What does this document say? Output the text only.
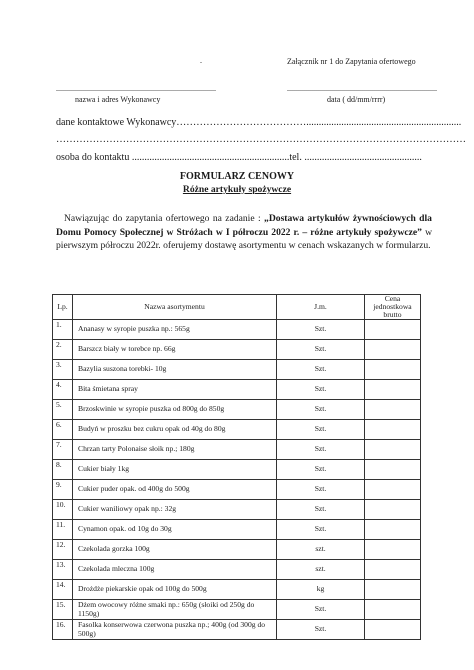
.	Załącznik nr 1 do Zapytania ofertowego
................................................................................
nazwa i adres Wykonawcy
...........................................................................
data ( dd/mm/rrrr)
dane kontaktowe Wykonawcy…………………………………..............................................................
……………………………………………………………………………………………………………
osoba do kontaktu ...............................................................tel. ...............................................
FORMULARZ CENOWY
Różne artykuły spożywcze
Nawiązując do zapytania ofertowego na zadanie : „Dostawa artykułów żywnościowych dla Domu Pomocy Społecznej w Stróżach w I półroczu 2022 r. – różne artykuły spożywcze” w pierwszym półroczu 2022r. oferujemy dostawę asortymentu w cenach wskazanych w formularzu.
Lp.	Nazwa asortymentu	J.m.	Cena jednostkowa brutto
1.	Ananasy w syropie puszka np.: 565g	Szt.	
2.	Barszcz biały w torebce np. 66g	Szt.	
3.	Bazylia suszona torebki- 10g	Szt.	
4.	Bita śmietana spray	Szt.	
5.	Brzoskwinie w syropie puszka od 800g do 850g	Szt.	
6.	Budyń w proszku bez cukru opak od 40g do 80g	Szt.	
7.	Chrzan tarty Polonaise słoik np.; 180g	Szt.	
8.	Cukier biały 1kg	Szt.	
9.	Cukier puder opak. od 400g do 500g	Szt.	
10.	Cukier waniliowy opak np.: 32g	Szt.	
11.	Cynamon opak. od 10g do 30g	Szt.	
12.	Czekolada gorzka 100g	szt.	
13.	Czekolada mleczna 100g	szt.	
14.	Drożdże piekarskie opak od 100g do 500g	kg	
15.	Dżem owocowy różne smaki np.: 650g (słoiki od 250g do 1150g)	Szt.	
16.	Fasolka konserwowa czerwona puszka np.; 400g (od 300g do 500g)	Szt.	
